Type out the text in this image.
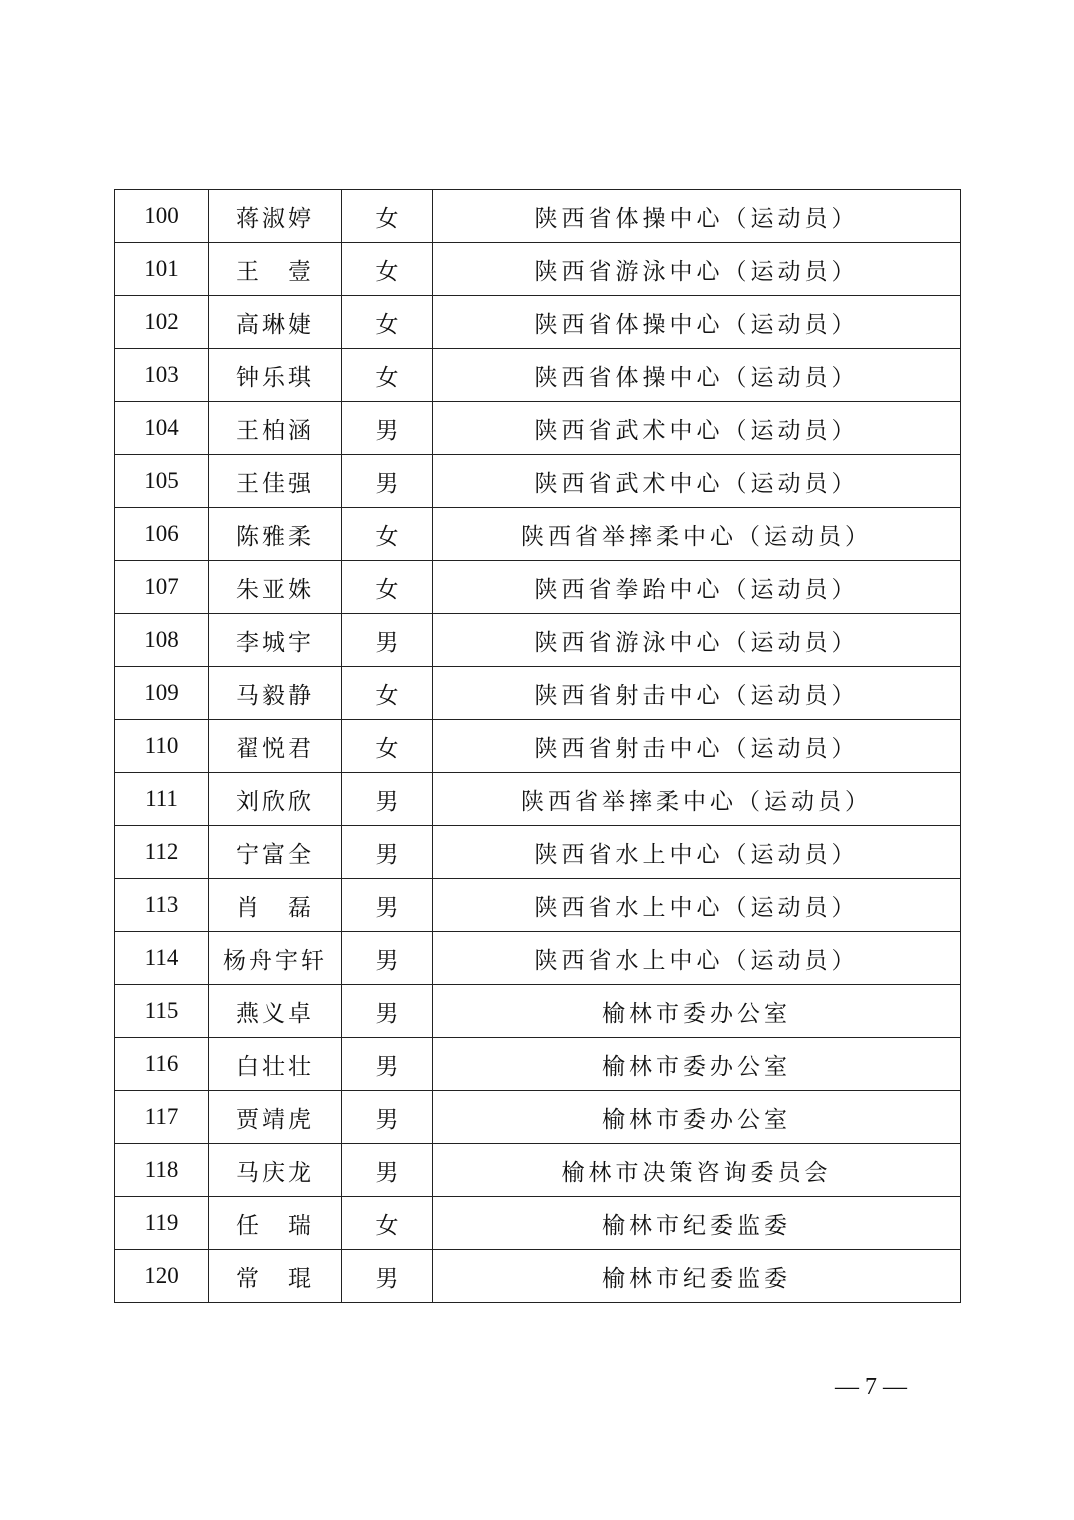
100	蒋淑婷	女	陕西省体操中心（运动员）
101	王　壹	女	陕西省游泳中心（运动员）
102	高琳婕	女	陕西省体操中心（运动员）
103	钟乐琪	女	陕西省体操中心（运动员）
104	王柏涵	男	陕西省武术中心（运动员）
105	王佳强	男	陕西省武术中心（运动员）
106	陈雅柔	女	陕西省举摔柔中心（运动员）
107	朱亚姝	女	陕西省拳跆中心（运动员）
108	李城宇	男	陕西省游泳中心（运动员）
109	马毅静	女	陕西省射击中心（运动员）
110	翟悦君	女	陕西省射击中心（运动员）
111	刘欣欣	男	陕西省举摔柔中心（运动员）
112	宁富全	男	陕西省水上中心（运动员）
113	肖　磊	男	陕西省水上中心（运动员）
114	杨舟宇轩	男	陕西省水上中心（运动员）
115	燕义卓	男	榆林市委办公室
116	白壮壮	男	榆林市委办公室
117	贾靖虎	男	榆林市委办公室
118	马庆龙	男	榆林市决策咨询委员会
119	任　瑞	女	榆林市纪委监委
120	常　琨	男	榆林市纪委监委
— 7 —
